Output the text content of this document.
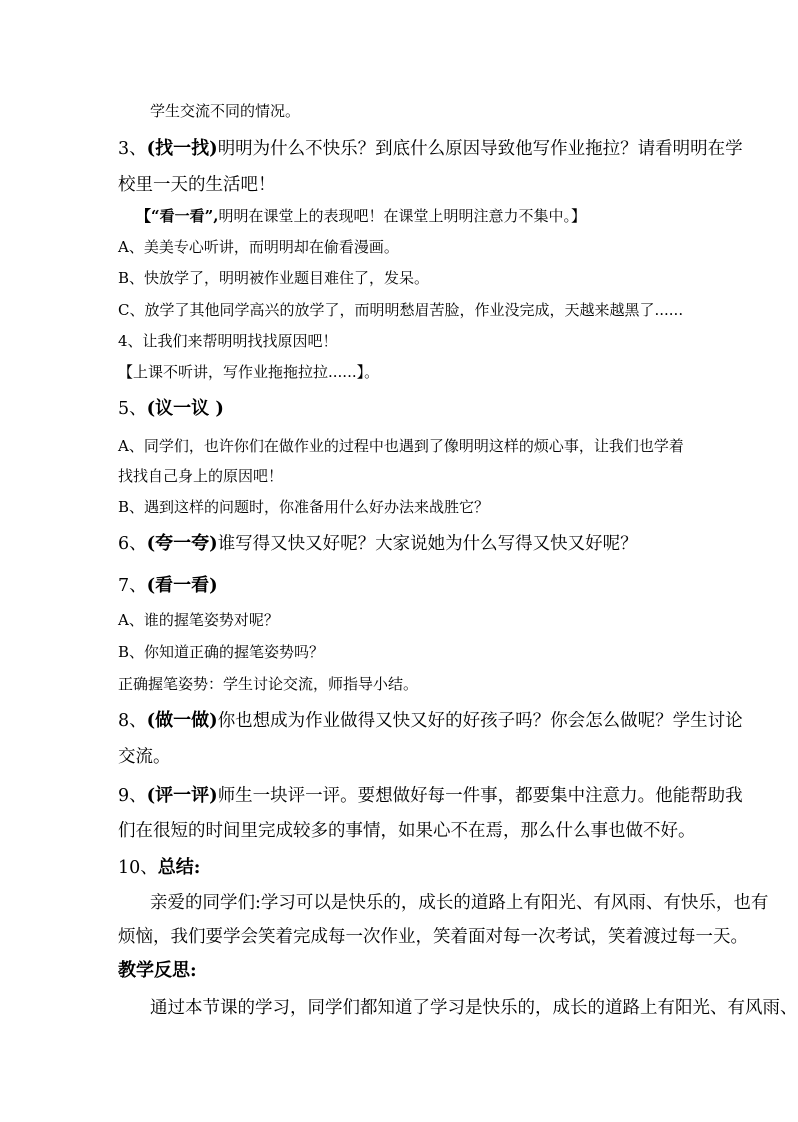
学生交流不同的情况。
3、(找一找)明明为什么不快乐？到底什么原因导致他写作业拖拉？请看明明在学
校里一天的生活吧！
【“看一看”,明明在课堂上的表现吧！在课堂上明明注意力不集中。】
A、美美专心听讲，而明明却在偷看漫画。
B、快放学了，明明被作业题目难住了，发呆。
C、放学了其他同学高兴的放学了，而明明愁眉苦脸，作业没完成，天越来越黑了......
4、让我们来帮明明找找原因吧！
【上课不听讲，写作业拖拖拉拉......】。
5、(议一议 )
A、同学们，也许你们在做作业的过程中也遇到了像明明这样的烦心事，让我们也学着
找找自己身上的原因吧！
B、遇到这样的问题时，你准备用什么好办法来战胜它？
6、(夸一夸)谁写得又快又好呢？大家说她为什么写得又快又好呢？
7、(看一看)
A、谁的握笔姿势对呢？
B、你知道正确的握笔姿势吗？
正确握笔姿势：学生讨论交流，师指导小结。
8、(做一做)你也想成为作业做得又快又好的好孩子吗？你会怎么做呢？学生讨论
交流。
9、(评一评)师生一块评一评。要想做好每一件事，都要集中注意力。他能帮助我
们在很短的时间里完成较多的事情，如果心不在焉，那么什么事也做不好。
10、总结:
亲爱的同学们:学习可以是快乐的，成长的道路上有阳光、有风雨、有快乐，也有
烦恼，我们要学会笑着完成每一次作业，笑着面对每一次考试，笑着渡过每一天。
教学反思:
通过本节课的学习，同学们都知道了学习是快乐的，成长的道路上有阳光、有风雨、
